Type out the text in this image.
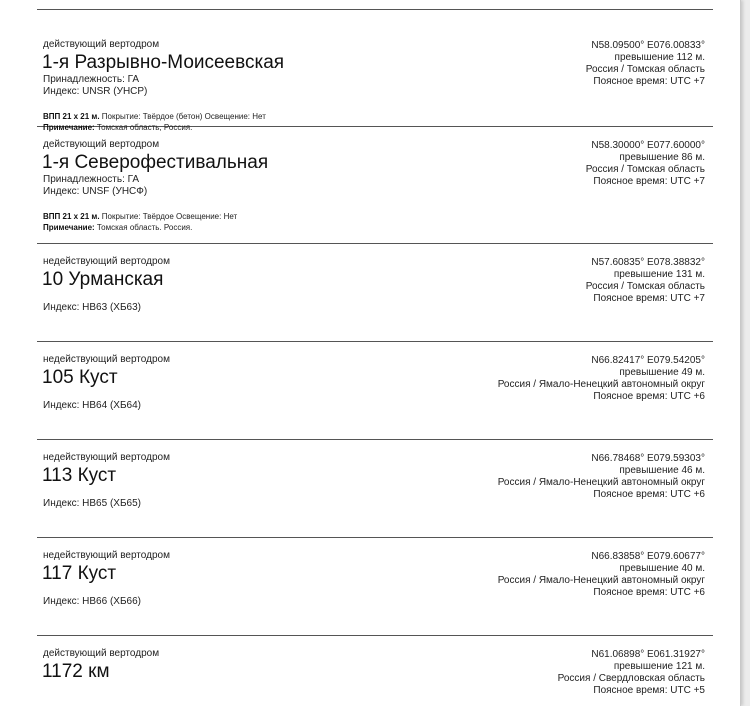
действующий вертодром
1-я Разрывно-Моисеевская
Принадлежность: ГА
Индекс: UNSR (УНСР)
ВПП 21 x 21 м. Покрытие: Твёрдое (бетон) Освещение: Нет
Примечание: Томская область, Россия.
N58.09500° E076.00833°
превышение 112 м.
Россия / Томская область
Поясное время: UTC +7
действующий вертодром
1-я Северофестивальная
Принадлежность: ГА
Индекс: UNSF (УНСФ)
ВПП 21 x 21 м. Покрытие: Твёрдое Освещение: Нет
Примечание: Томская область. Россия.
N58.30000° E077.60000°
превышение 86 м.
Россия / Томская область
Поясное время: UTC +7
недействующий вертодром
10 Урманская
Индекс: НВ63 (ХБ63)
N57.60835° E078.38832°
превышение 131 м.
Россия / Томская область
Поясное время: UTC +7
недействующий вертодром
105 Куст
Индекс: НВ64 (ХБ64)
N66.82417° E079.54205°
превышение 49 м.
Россия / Ямало-Ненецкий автономный округ
Поясное время: UTC +6
недействующий вертодром
113 Куст
Индекс: НВ65 (ХБ65)
N66.78468° E079.59303°
превышение 46 м.
Россия / Ямало-Ненецкий автономный округ
Поясное время: UTC +6
недействующий вертодром
117 Куст
Индекс: НВ66 (ХБ66)
N66.83858° E079.60677°
превышение 40 м.
Россия / Ямало-Ненецкий автономный округ
Поясное время: UTC +6
действующий вертодром
1172 км
N61.06898° E061.31927°
превышение 121 м.
Россия / Свердловская область
Поясное время: UTC +5
